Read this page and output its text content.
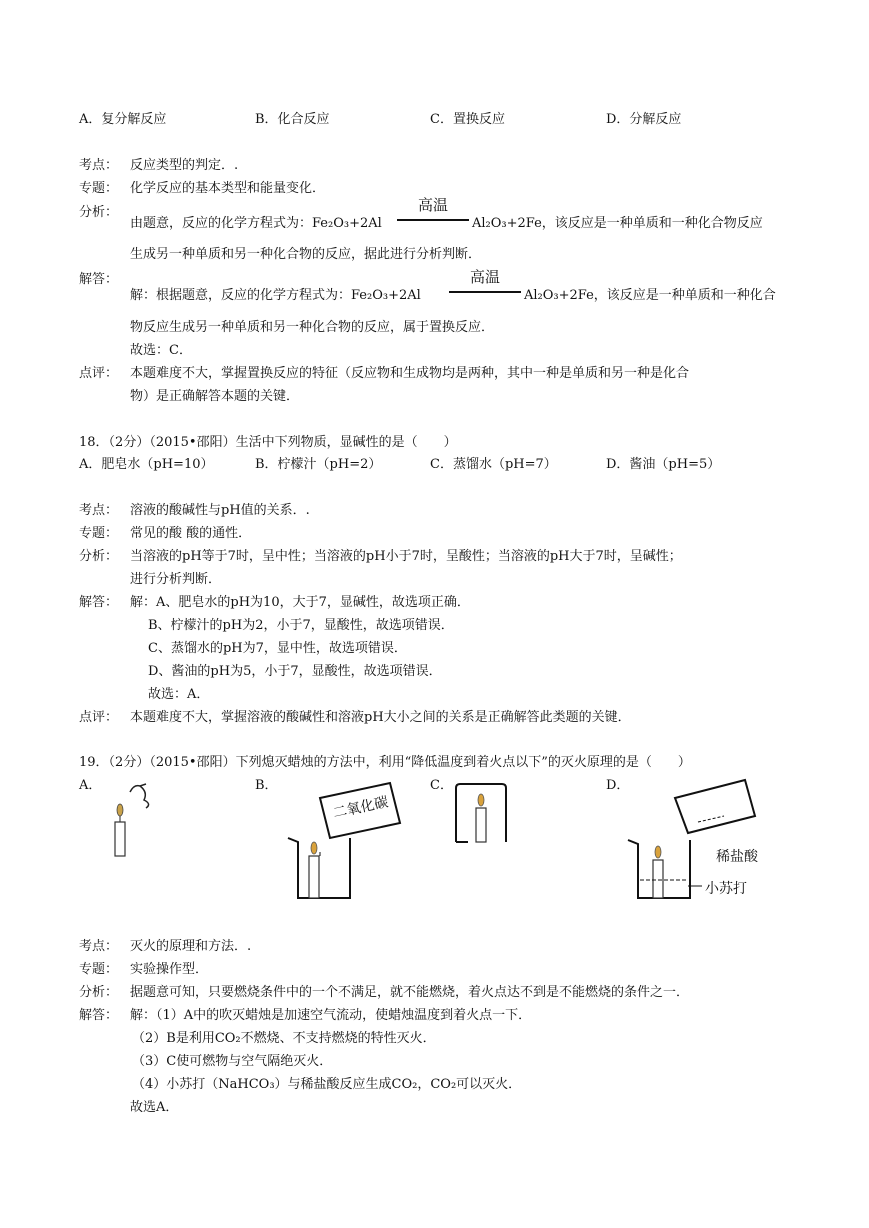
A．复分解反应	B．化合反应	C．置换反应	D．分解反应
考点： 反应类型的判定．.
专题： 化学反应的基本类型和能量变化．
分析：
由题意，反应的化学方程式为：Fe₂O₃+2Al
高温
Al₂O₃+2Fe，该反应是一种单质和一种化合物反应
生成另一种单质和另一种化合物的反应，据此进行分析判断．
解答：
解：根据题意，反应的化学方程式为：Fe₂O₃+2Al
高温
Al₂O₃+2Fe，该反应是一种单质和一种化合
物反应生成另一种单质和另一种化合物的反应，属于置换反应．
故选：C．
点评： 本题难度不大，掌握置换反应的特征（反应物和生成物均是两种，其中一种是单质和另一种是化合
物）是正确解答本题的关键．
18．（2分）（2015•邵阳）生活中下列物质，显碱性的是（　　）
A．肥皂水（pH=10）	B．柠檬汁（pH=2）	C．蒸馏水（pH=7）	D．酱油（pH=5）
考点： 溶液的酸碱性与pH值的关系．.
专题： 常见的酸 酸的通性．
分析： 当溶液的pH等于7时，呈中性；当溶液的pH小于7时，呈酸性；当溶液的pH大于7时，呈碱性；
进行分析判断．
解答： 解：A、肥皂水的pH为10，大于7，显碱性，故选项正确．
B、柠檬汁的pH为2，小于7，显酸性，故选项错误．
C、蒸馏水的pH为7，显中性，故选项错误．
D、酱油的pH为5，小于7，显酸性，故选项错误．
故选：A．
点评： 本题难度不大，掌握溶液的酸碱性和溶液pH大小之间的关系是正确解答此类题的关键．
19．（2分）（2015•邵阳）下列熄灭蜡烛的方法中，利用“降低温度到着火点以下”的灭火原理的是（　　）
A．	B．	C．	D．
二氧化碳
稀盐酸
小苏打
考点： 灭火的原理和方法．.
专题： 实验操作型．
分析： 据题意可知，只要燃烧条件中的一个不满足，就不能燃烧，着火点达不到是不能燃烧的条件之一．
解答： 解：（1）A中的吹灭蜡烛是加速空气流动，使蜡烛温度到着火点一下．
（2）B是利用CO₂不燃烧、不支持燃烧的特性灭火．
（3）C使可燃物与空气隔绝灭火．
（4）小苏打（NaHCO₃）与稀盐酸反应生成CO₂，CO₂可以灭火．
故选A．
